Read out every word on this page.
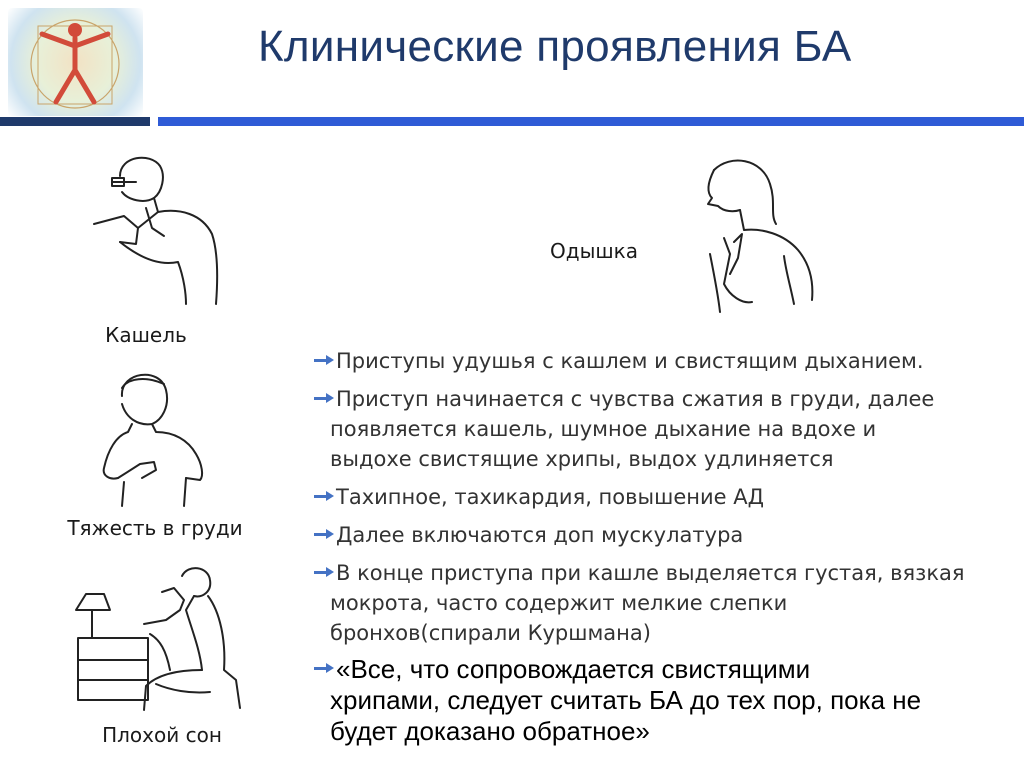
Клинические проявления БА
Кашель
Одышка
Тяжесть в груди
Плохой сон
Приступы удушья с кашлем и свистящим дыханием.
Приступ начинается с чувства сжатия в груди, далее
появляется кашель, шумное дыхание на вдохе и
выдохе свистящие хрипы, выдох удлиняется
Тахипное, тахикардия, повышение АД
Далее включаются доп мускулатура
В конце приступа при кашле выделяется густая, вязкая
мокрота, часто содержит мелкие слепки
бронхов(спирали Куршмана)
«Все, что сопровождается свистящими
хрипами, следует считать БА до тех пор, пока не
будет доказано обратное»
